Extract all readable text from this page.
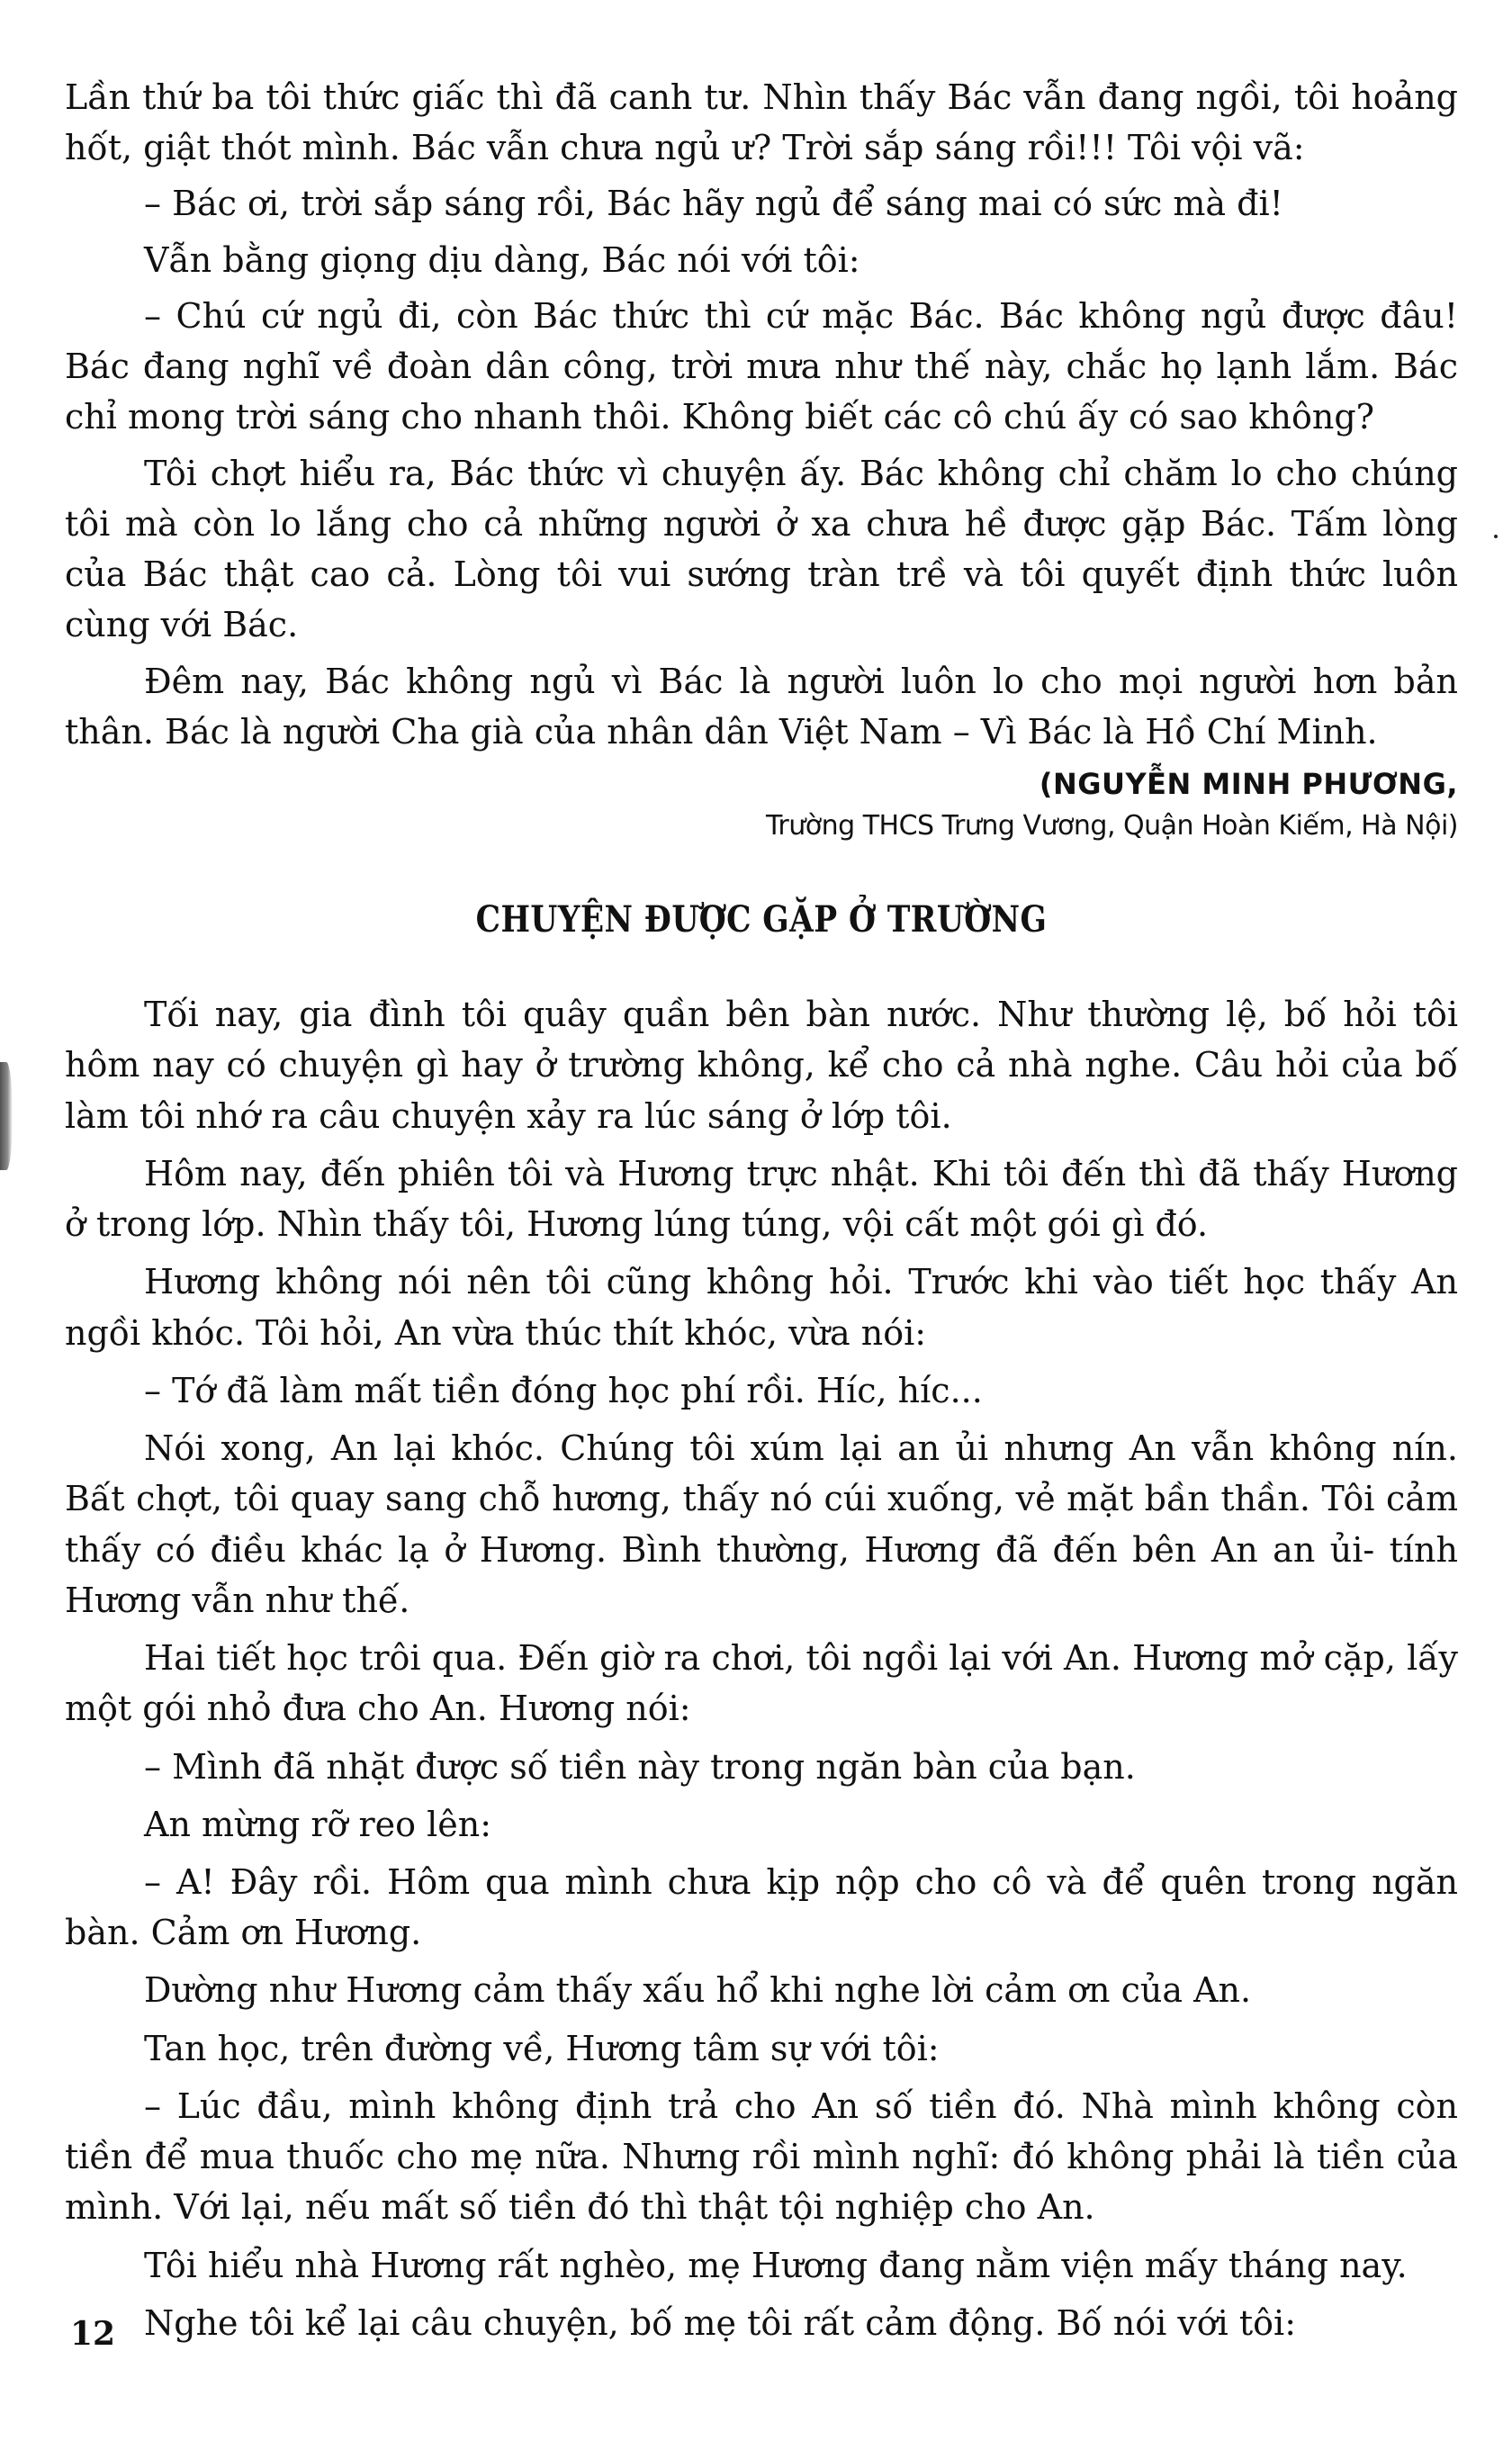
Lần thứ ba tôi thức giấc thì đã canh tư. Nhìn thấy Bác vẫn đang ngồi, tôi hoảng hốt, giật thót mình. Bác vẫn chưa ngủ ư? Trời sắp sáng rồi!!! Tôi vội vã:

– Bác ơi, trời sắp sáng rồi, Bác hãy ngủ để sáng mai có sức mà đi!

Vẫn bằng giọng dịu dàng, Bác nói với tôi:

– Chú cứ ngủ đi, còn Bác thức thì cứ mặc Bác. Bác không ngủ được đâu! Bác đang nghĩ về đoàn dân công, trời mưa như thế này, chắc họ lạnh lắm. Bác chỉ mong trời sáng cho nhanh thôi. Không biết các cô chú ấy có sao không?

Tôi chợt hiểu ra, Bác thức vì chuyện ấy. Bác không chỉ chăm lo cho chúng tôi mà còn lo lắng cho cả những người ở xa chưa hề được gặp Bác. Tấm lòng của Bác thật cao cả. Lòng tôi vui sướng tràn trề và tôi quyết định thức luôn cùng với Bác.

Đêm nay, Bác không ngủ vì Bác là người luôn lo cho mọi người hơn bản thân. Bác là người Cha già của nhân dân Việt Nam – Vì Bác là Hồ Chí Minh.

(NGUYỄN MINH PHƯƠNG,
Trường THCS Trưng Vương, Quận Hoàn Kiếm, Hà Nội)
CHUYỆN ĐƯỢC GẶP Ở TRƯỜNG

Tối nay, gia đình tôi quây quần bên bàn nước. Như thường lệ, bố hỏi tôi hôm nay có chuyện gì hay ở trường không, kể cho cả nhà nghe. Câu hỏi của bố làm tôi nhớ ra câu chuyện xảy ra lúc sáng ở lớp tôi.

Hôm nay, đến phiên tôi và Hương trực nhật. Khi tôi đến thì đã thấy Hương ở trong lớp. Nhìn thấy tôi, Hương lúng túng, vội cất một gói gì đó.

Hương không nói nên tôi cũng không hỏi. Trước khi vào tiết học thấy An ngồi khóc. Tôi hỏi, An vừa thúc thít khóc, vừa nói:

– Tớ đã làm mất tiền đóng học phí rồi. Híc, híc...

Nói xong, An lại khóc. Chúng tôi xúm lại an ủi nhưng An vẫn không nín. Bất chợt, tôi quay sang chỗ hương, thấy nó cúi xuống, vẻ mặt bần thần. Tôi cảm thấy có điều khác lạ ở Hương. Bình thường, Hương đã đến bên An an ủi- tính Hương vẫn như thế.

Hai tiết học trôi qua. Đến giờ ra chơi, tôi ngồi lại với An. Hương mở cặp, lấy một gói nhỏ đưa cho An. Hương nói:

– Mình đã nhặt được số tiền này trong ngăn bàn của bạn.

An mừng rỡ reo lên:

– A! Đây rồi. Hôm qua mình chưa kịp nộp cho cô và để quên trong ngăn bàn. Cảm ơn Hương.

Dường như Hương cảm thấy xấu hổ khi nghe lời cảm ơn của An.

Tan học, trên đường về, Hương tâm sự với tôi:

– Lúc đầu, mình không định trả cho An số tiền đó. Nhà mình không còn tiền để mua thuốc cho mẹ nữa. Nhưng rồi mình nghĩ: đó không phải là tiền của mình. Với lại, nếu mất số tiền đó thì thật tội nghiệp cho An.

Tôi hiểu nhà Hương rất nghèo, mẹ Hương đang nằm viện mấy tháng nay.

Nghe tôi kể lại câu chuyện, bố mẹ tôi rất cảm động. Bố nói với tôi:

12
